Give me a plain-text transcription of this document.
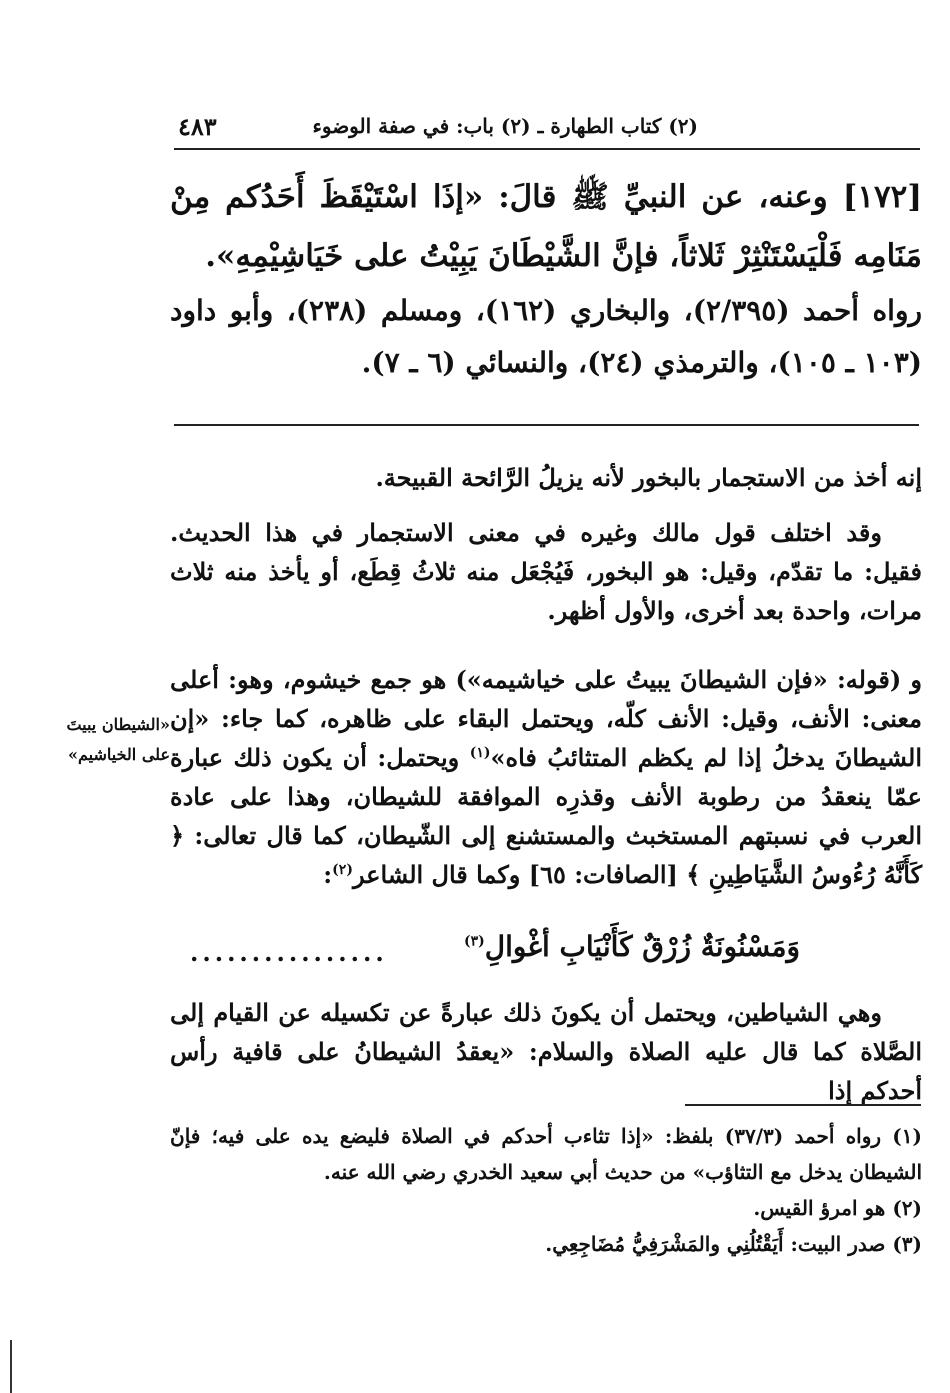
٤٨٣	(٢) كتاب الطهارة ـ (٢) باب: في صفة الوضوء
[١٧٢] وعنه، عن النبيِّ ﷺ قالَ: «إذَا اسْتَيْقَظَ أَحَدُكم مِنْ مَنَامِه فَلْيَسْتَنْثِرْ ثَلاثاً، فإنَّ الشَّيْطَانَ يَبِيْتُ على خَيَاشِيْمِهِ».
رواه أحمد (٢/٣٩٥)، والبخاري (١٦٢)، ومسلم (٢٣٨)، وأبو داود (١٠٣ ـ ١٠٥)، والترمذي (٢٤)، والنسائي (٦ ـ ٧).
إنه أخذ من الاستجمار بالبخور لأنه يزيلُ الرَّائحة القبيحة.
وقد اختلف قول مالك وغيره في معنى الاستجمار في هذا الحديث. فقيل: ما تقدّم، وقيل: هو البخور، فَيُجْعَل منه ثلاثُ قِطَع، أو يأخذ منه ثلاث مرات، واحدة بعد أخرى، والأول أظهر.
و (قوله: «فإن الشيطانَ يبيتُ على خياشيمه») هو جمع خيشوم، وهو: أعلى معنى: الأنف، وقيل: الأنف كلّه، ويحتمل البقاء على ظاهره، كما جاء: «إن الشيطانَ يدخلُ إذا لم يكظم المتثائبُ فاه»$^{(١)}$ ويحتمل: أن يكون ذلك عبارة عمّا ينعقدُ من رطوبة الأنف وقذرِه الموافقة للشيطان، وهذا على عادة العرب في نسبتهم المستخبث والمستشنع إلى الشّيطان، كما قال تعالى: ﴿ كَأَنَّهُ رُءُوسُ الشَّيَاطِينِ ﴾ [الصافات: ٦٥] وكما قال الشاعر$^{(٢)}$:
«الشيطان يبيتَ على الخياشيم»
وَمَسْنُونَةٌ زُرْقٌ كَأَنْيَابِ أغْوالِ$^{(٣)}$
................
وهي الشياطين، ويحتمل أن يكونَ ذلك عبارةً عن تكسيله عن القيام إلى الصَّلاة كما قال عليه الصلاة والسلام: «يعقدُ الشيطانُ على قافية رأس أحدكم إذا

(١) رواه أحمد (٣٧/٣) بلفظ: «إذا تثاءب أحدكم في الصلاة فليضع يده على فيه؛ فإنّ الشيطان يدخل مع التثاؤب» من حديث أبي سعيد الخدري رضي الله عنه.

(٢) هو امرؤ القيس.

(٣) صدر البيت: أَيَقْتُلُنِي والمَشْرَفِيُّ مُضَاجِعِي.
